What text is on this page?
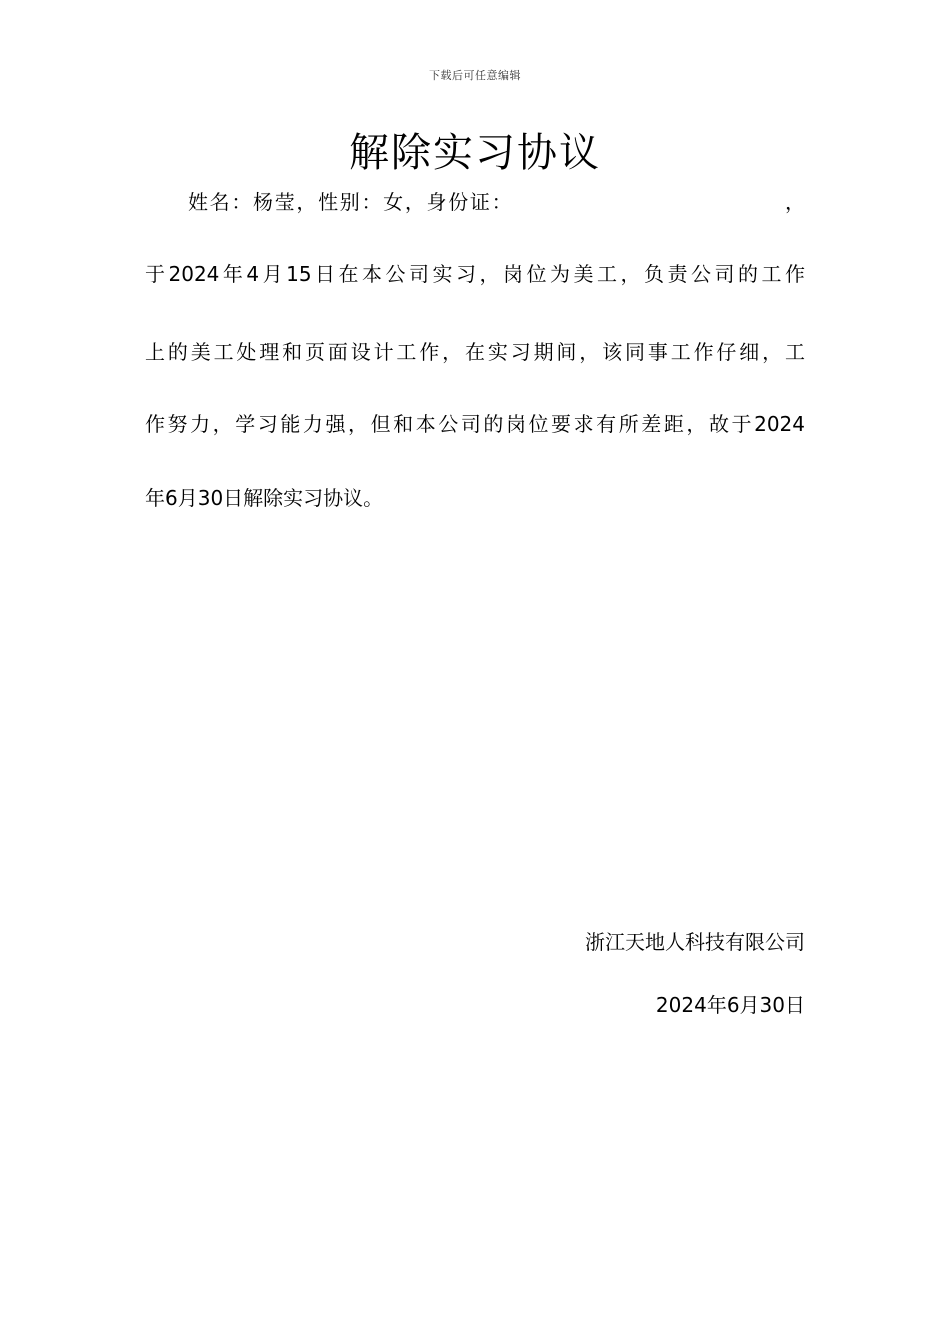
下载后可任意编辑
解除实习协议
姓名：杨莹，性别：女，身份证：	，
于2024年4月15日在本公司实习，岗位为美工，负责公司的工作
上的美工处理和页面设计工作，在实习期间，该同事工作仔细，工
作努力，学习能力强，但和本公司的岗位要求有所差距，故于2024
年6月30日解除实习协议。
浙江天地人科技有限公司
2024年6月30日
